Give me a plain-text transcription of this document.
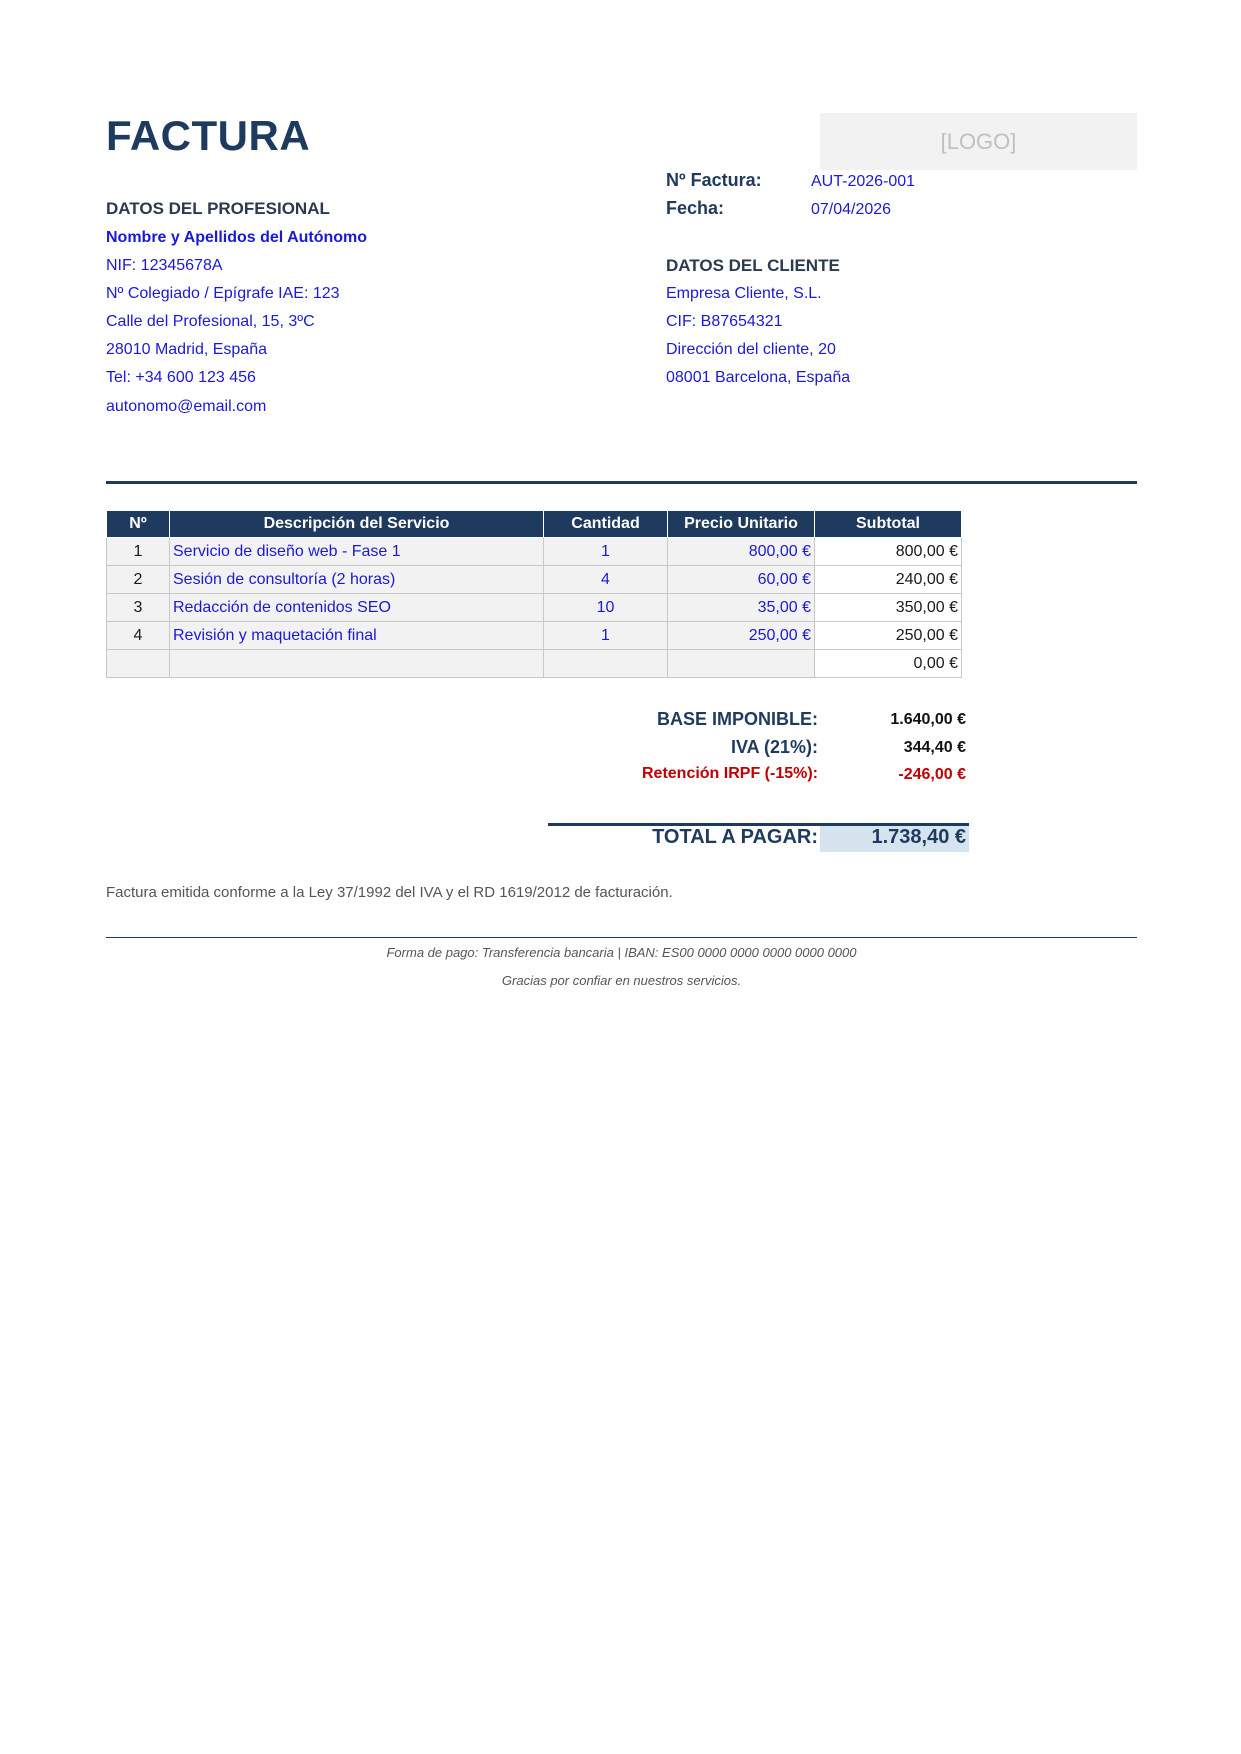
FACTURA	[LOGO]
Nº Factura:	AUT-2026-001
Fecha:	07/04/2026
DATOS DEL PROFESIONAL
Nombre y Apellidos del Autónomo
NIF: 12345678A
Nº Colegiado / Epígrafe IAE: 123
Calle del Profesional, 15, 3ºC
28010 Madrid, España
Tel: +34 600 123 456
autonomo@email.com
DATOS DEL CLIENTE
Empresa Cliente, S.L.
CIF: B87654321
Dirección del cliente, 20
08001 Barcelona, España
Nº	Descripción del Servicio	Cantidad	Precio Unitario	Subtotal
1	Servicio de diseño web - Fase 1	1	800,00 €	800,00 €
2	Sesión de consultoría (2 horas)	4	60,00 €	240,00 €
3	Redacción de contenidos SEO	10	35,00 €	350,00 €
4	Revisión y maquetación final	1	250,00 €	250,00 €
				0,00 €
BASE IMPONIBLE:	1.640,00 €
IVA (21%):	344,40 €
Retención IRPF (-15%):	-246,00 €
TOTAL A PAGAR:	1.738,40 €
Factura emitida conforme a la Ley 37/1992 del IVA y el RD 1619/2012 de facturación.
Forma de pago: Transferencia bancaria | IBAN: ES00 0000 0000 0000 0000 0000
Gracias por confiar en nuestros servicios.
